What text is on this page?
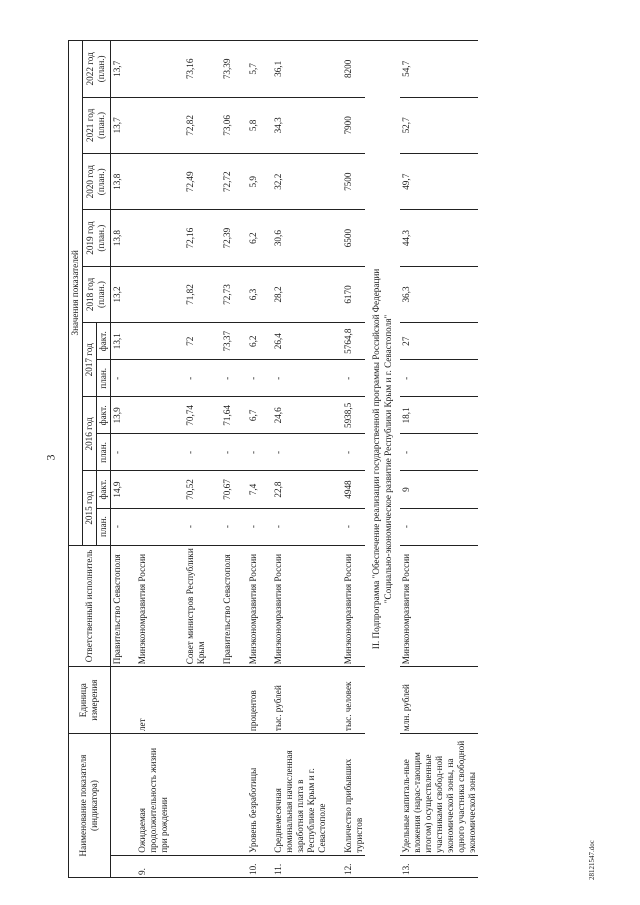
3
28121547.doc
Наименование показателя (индикатора)		Единица измерения	Ответственный исполнитель	Значения показателей										
				2015 год		2016 год		2017 год		2018 год (план.)	2019 год (план.)	2020 год (план.)	2021 год (план.)	2022 год (план.)
				план.	факт.	план.	факт.	план.	факт.					
			Правительство Севастополя	-	14,9	-	13,9	-	13,1	13,2	13,8	13,8	13,7	13,7
9.	Ожидаемая продолжительность жизни при рождении	лет	Минэкономразвития России											
			Совет министров Республики Крым	-	70,52	-	70,74	-	72	71,82	72,16	72,49	72,82	73,16
			Правительство Севастополя	-	70,67	-	71,64	-	73,37	72,73	72,39	72,72	73,06	73,39
10.	Уровень безработицы	процентов	Минэкономразвития России	-	7,4	-	6,7	-	6,2	6,3	6,2	5,9	5,8	5,7
11.	Среднемесячная номинальная начисленная заработная плата в Республике Крым и г. Севастополе	тыс. рублей	Минэкономразвития России	-	22,8	-	24,6	-	26,4	28,2	30,6	32,2	34,3	36,1
12.	Количество прибывших туристов	тыс. человек	Минэкономразвития России	-	4948	-	5938,5	-	5764,8	6170	6500	7500	7900	8200

II. Подпрограмма "Обеспечение реализации государственной программы Российской Федерации "Социально-экономическое развитие Республики Крым и г. Севастополя"														

13.	Удельные капиталь-ные вложения (нарас-тающим итогом) осуществленные участниками свобод-ной экономической зоны, на одного участника свободной экономической зоны	млн. рублей	Минэкономразвития России	-	9	-	18,1	-	27	36,3	44,3	49,7	52,7	54,7
